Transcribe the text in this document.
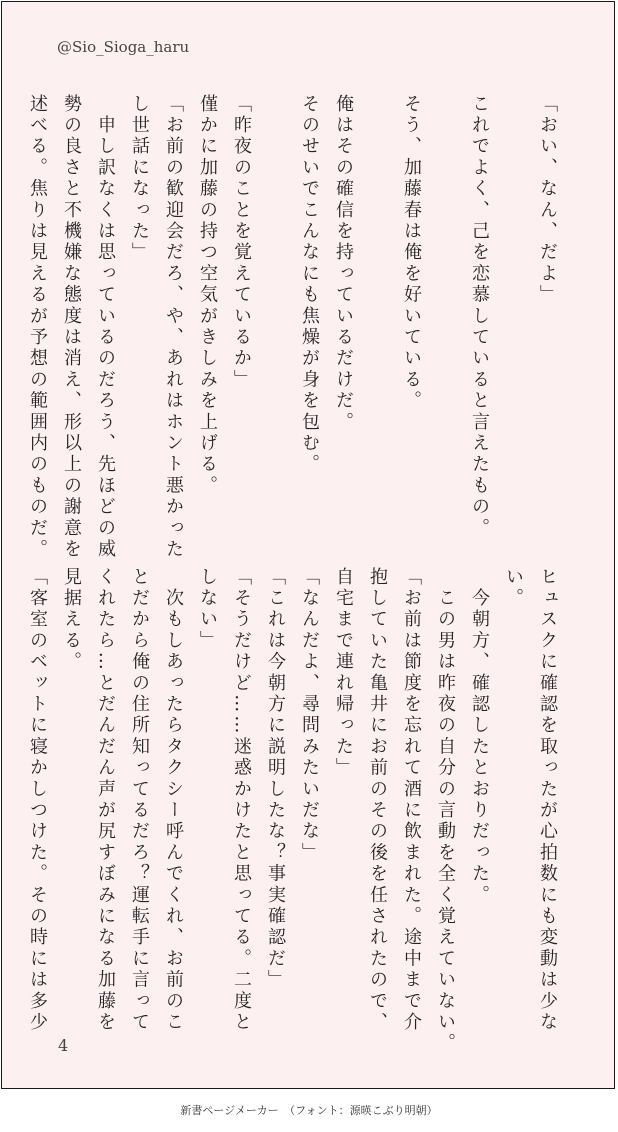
@Sio_Sioga_haru
「おい、なん、だよ」

これでよく、己を恋慕していると言えたもの。

そう、加藤春は俺を好いている。

俺はその確信を持っているだけだ。
そのせいでこんなにも焦燥が身を包む。

「昨夜のことを覚えているか」
僅かに加藤の持つ空気がきしみを上げる。
「お前の歓迎会だろ、や、あれはホント悪かった
し世話になった」
　申し訳なくは思っているのだろう、先ほどの威
勢の良さと不機嫌な態度は消え、形以上の謝意を
述べる。焦りは見えるが予想の範囲内のものだ。
ヒュスクに確認を取ったが心拍数にも変動は少な
い。
　今朝方、確認したとおりだった。
　この男は昨夜の自分の言動を全く覚えていない。
「お前は節度を忘れて酒に飲まれた。途中まで介
抱していた亀井にお前のその後を任されたので、
自宅まで連れ帰った」
「なんだよ、尋問みたいだな」
「これは今朝方に説明したな？事実確認だ」
「そうだけど……迷惑かけたと思ってる。二度と
しない」
　次もしあったらタクシー呼んでくれ、お前のこ
とだから俺の住所知ってるだろ？運転手に言って
くれたら…とだんだん声が尻すぼみになる加藤を
見据える。
「客室のベットに寝かしつけた。その時には多少
4
新書ページメーカー　（フォント：源暎こぶり明朝）
